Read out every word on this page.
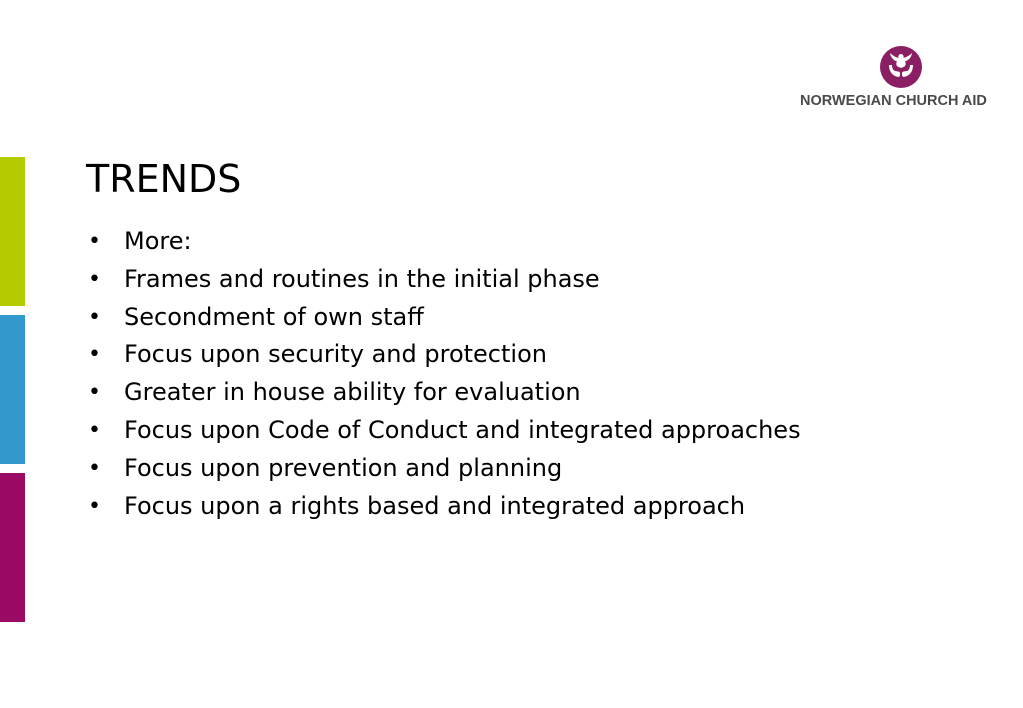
NORWEGIAN CHURCH AID
TRENDS
• More:
• Frames and routines in the initial phase
• Secondment of own staff
• Focus upon security and protection
• Greater in house ability for evaluation
• Focus upon Code of Conduct and integrated approaches
• Focus upon prevention and planning
• Focus upon a rights based and integrated approach
